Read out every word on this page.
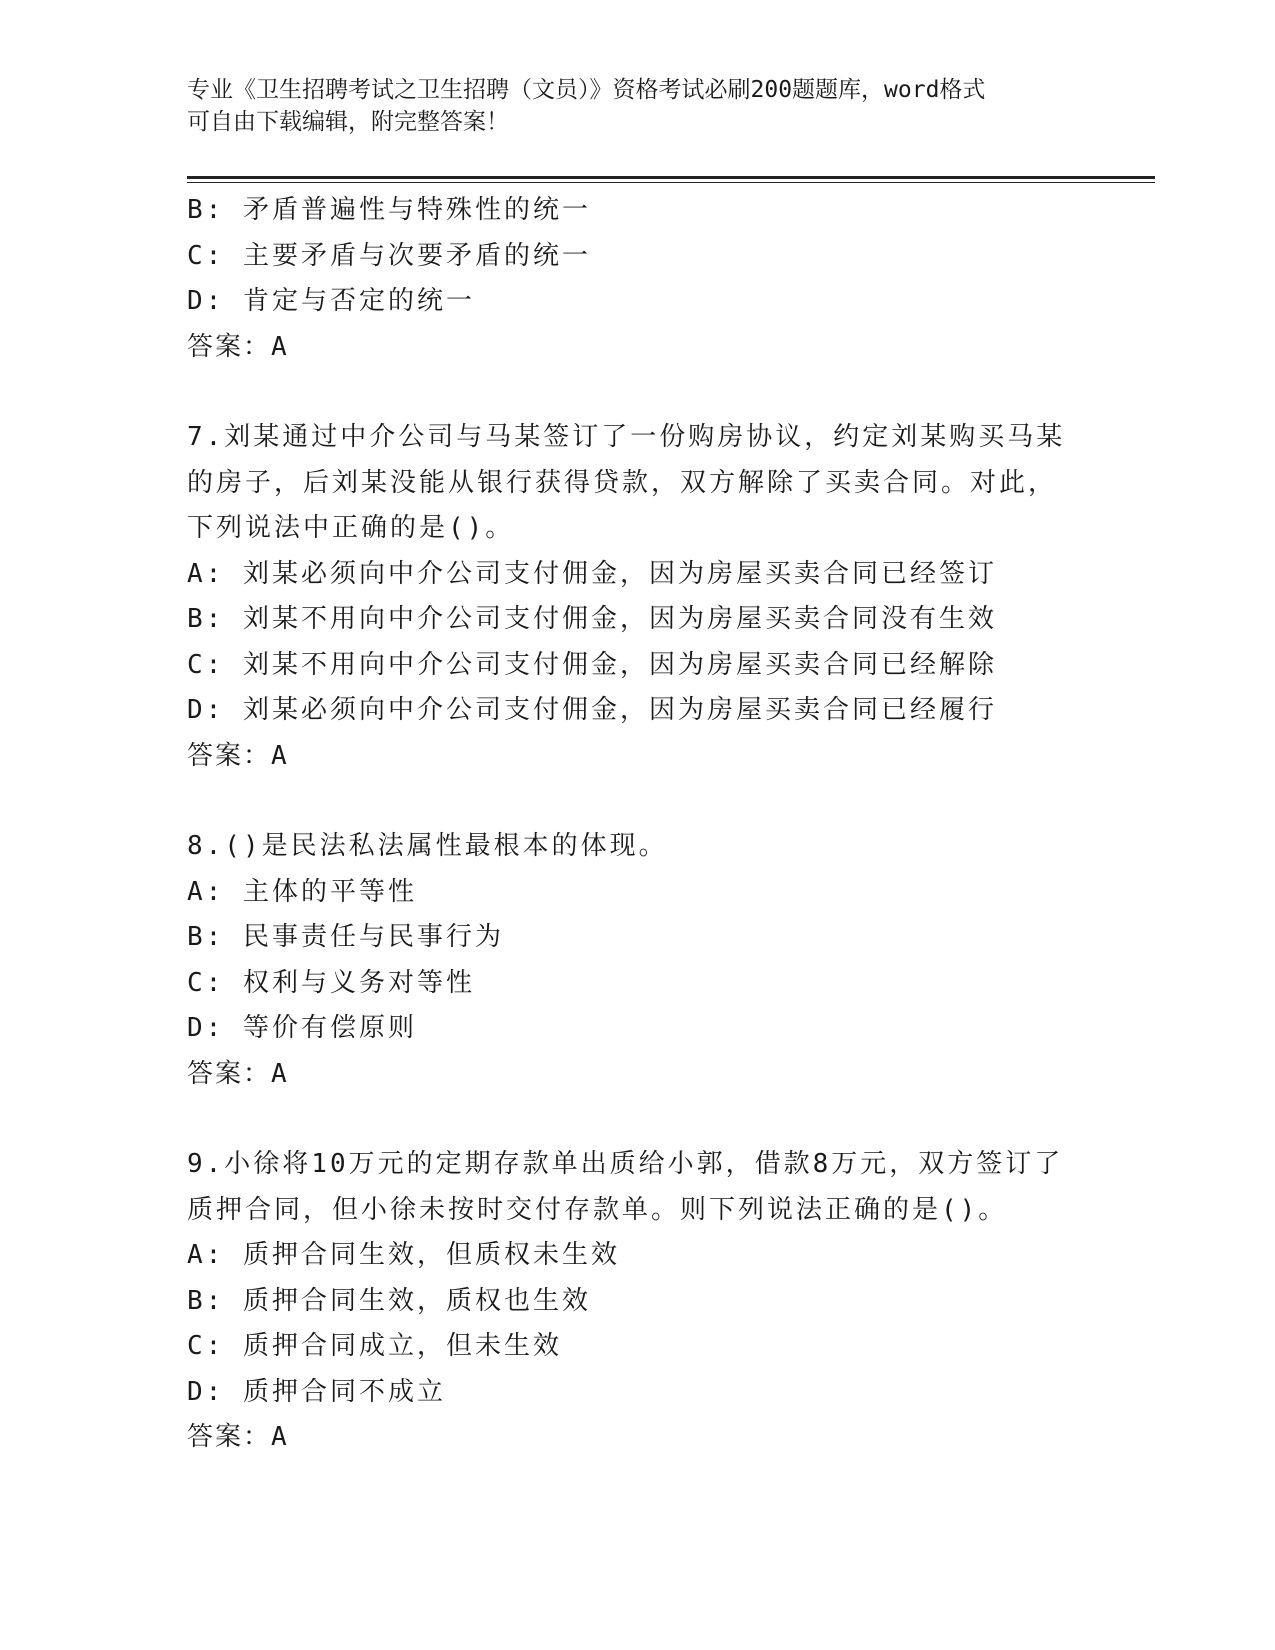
专业《卫生招聘考试之卫生招聘（文员）》资格考试必刷200题题库，word格式
可自由下载编辑，附完整答案！
B: 矛盾普遍性与特殊性的统一
C: 主要矛盾与次要矛盾的统一
D: 肯定与否定的统一
答案：A
7.刘某通过中介公司与马某签订了一份购房协议，约定刘某购买马某
的房子，后刘某没能从银行获得贷款，双方解除了买卖合同。对此，
下列说法中正确的是()。
A: 刘某必须向中介公司支付佣金，因为房屋买卖合同已经签订
B: 刘某不用向中介公司支付佣金，因为房屋买卖合同没有生效
C: 刘某不用向中介公司支付佣金，因为房屋买卖合同已经解除
D: 刘某必须向中介公司支付佣金，因为房屋买卖合同已经履行
答案：A
8.()是民法私法属性最根本的体现。
A: 主体的平等性
B: 民事责任与民事行为
C: 权利与义务对等性
D: 等价有偿原则
答案：A
9.小徐将10万元的定期存款单出质给小郭，借款8万元，双方签订了
质押合同，但小徐未按时交付存款单。则下列说法正确的是()。
A: 质押合同生效，但质权未生效
B: 质押合同生效，质权也生效
C: 质押合同成立，但未生效
D: 质押合同不成立
答案：A
